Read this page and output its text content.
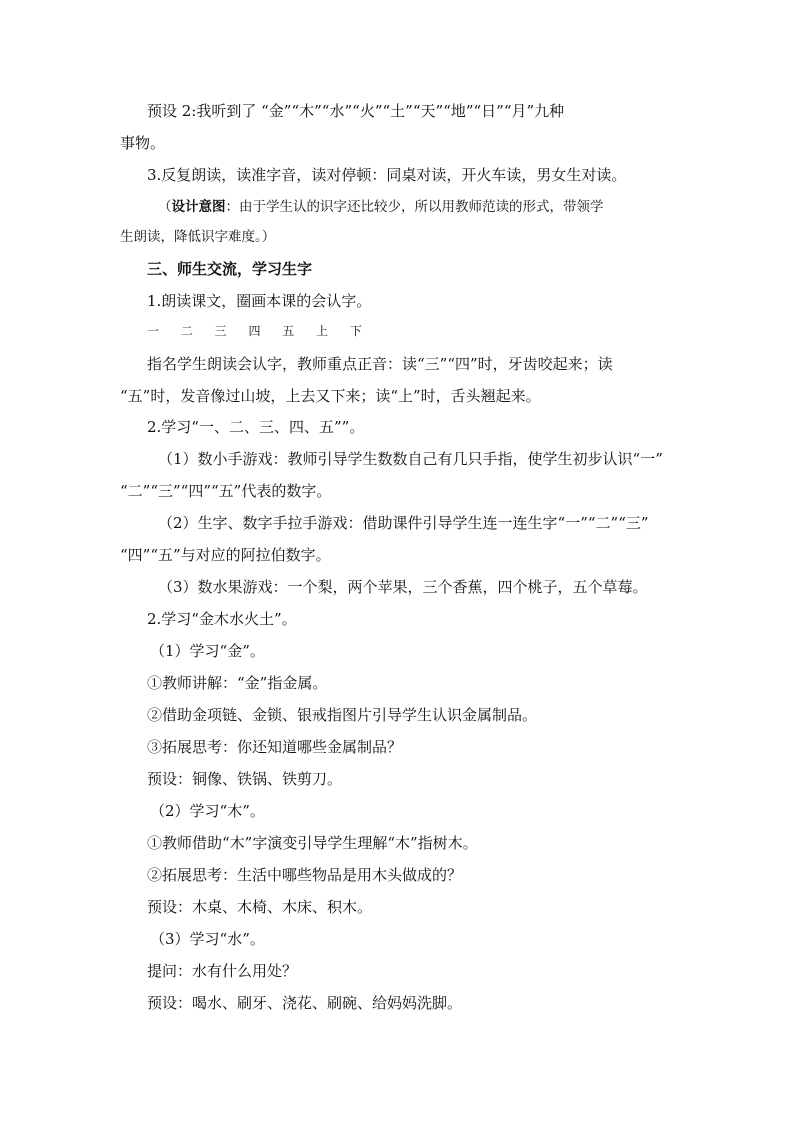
预设 2:我听到了 “金”“木”“水”“火”“土”“天”“地”“日”“月”九种
事物。
3.反复朗读，读准字音，读对停顿：同桌对读，开火车读，男女生对读。
（设计意图：由于学生认的识字还比较少，所以用教师范读的形式，带领学
生朗读，降低识字难度。）
三、师生交流，学习生字
1.朗读课文，圈画本课的会认字。
一 二 三 四 五 上 下
指名学生朗读会认字，教师重点正音：读“三”“四”时，牙齿咬起来；读
“五”时，发音像过山坡，上去又下来；读“上”时，舌头翘起来。
2.学习“一、二、三、四、五””。
（1）数小手游戏：教师引导学生数数自己有几只手指，使学生初步认识“一”
“二”“三”“四”“五”代表的数字。
（2）生字、数字手拉手游戏：借助课件引导学生连一连生字“一”“二”“三”
“四”“五”与对应的阿拉伯数字。
（3）数水果游戏：一个梨，两个苹果，三个香蕉，四个桃子，五个草莓。
2.学习“金木水火土”。
（1）学习“金”。
①教师讲解：“金”指金属。
②借助金项链、金锁、银戒指图片引导学生认识金属制品。
③拓展思考：你还知道哪些金属制品？
预设：铜像、铁锅、铁剪刀。
（2）学习“木”。
①教师借助“木”字演变引导学生理解“木”指树木。
②拓展思考：生活中哪些物品是用木头做成的？
预设：木桌、木椅、木床、积木。
（3）学习“水”。
提问：水有什么用处？
预设：喝水、刷牙、浇花、刷碗、给妈妈洗脚。
